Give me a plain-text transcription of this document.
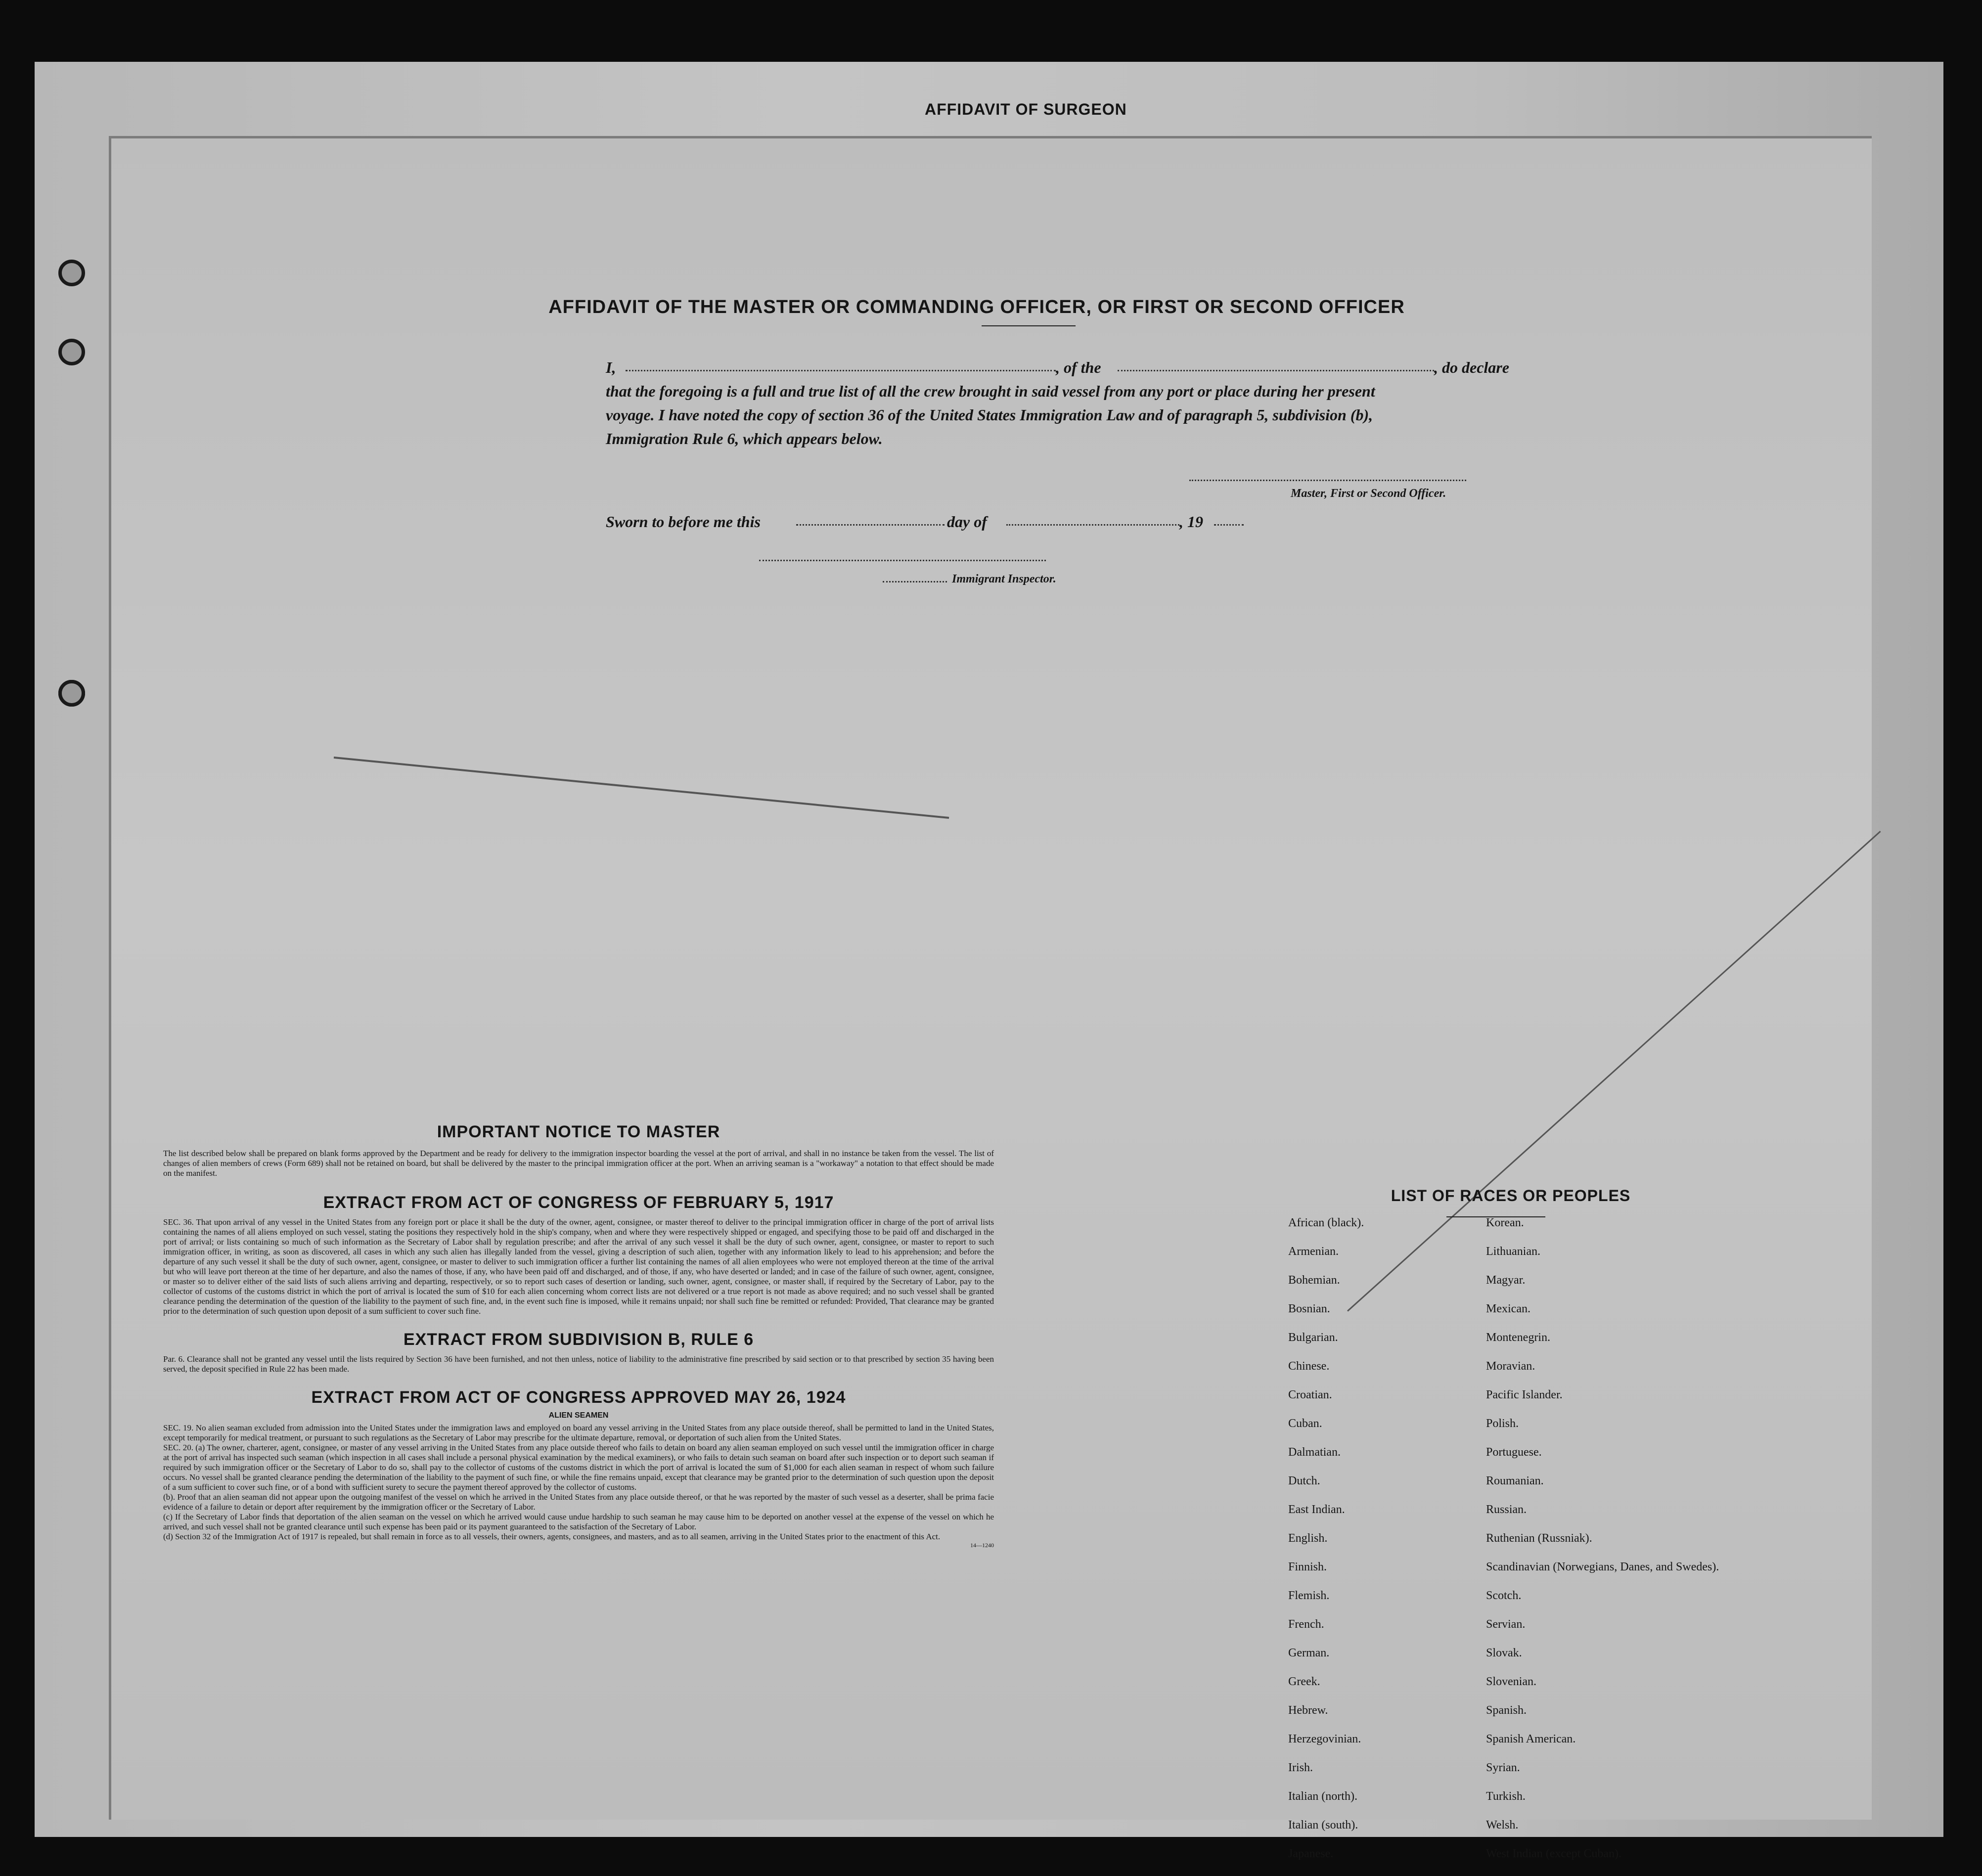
AFFIDAVIT OF SURGEON
AFFIDAVIT OF THE MASTER OR COMMANDING OFFICER, OR FIRST OR SECOND OFFICER
I,	, of the	, do declare
that the foregoing is a full and true list of all the crew brought in said vessel from any port or place during her present
voyage. I have noted the copy of section 36 of the United States Immigration Law and of paragraph 5, subdivision (b),
Immigration Rule 6, which appears below.
Master, First or Second Officer.
Sworn to before me this	day of	, 19
Immigrant Inspector.
IMPORTANT NOTICE TO MASTER
The list described below shall be prepared on blank forms approved by the Department and be ready for delivery to the immigration inspector boarding the vessel at the port of arrival, and shall in no instance be taken from the vessel. The list of changes of alien members of crews (Form 689) shall not be retained on board, but shall be delivered by the master to the principal immigration officer at the port. When an arriving seaman is a "workaway" a notation to that effect should be made on the manifest.
EXTRACT FROM ACT OF CONGRESS OF FEBRUARY 5, 1917
SEC. 36. That upon arrival of any vessel in the United States from any foreign port or place it shall be the duty of the owner, agent, consignee, or master thereof to deliver to the principal immigration officer in charge of the port of arrival lists containing the names of all aliens employed on such vessel, stating the positions they respectively hold in the ship's company, when and where they were respectively shipped or engaged, and specifying those to be paid off and discharged in the port of arrival; or lists containing so much of such information as the Secretary of Labor shall by regulation prescribe; and after the arrival of any such vessel it shall be the duty of such owner, agent, consignee, or master to report to such immigration officer, in writing, as soon as discovered, all cases in which any such alien has illegally landed from the vessel, giving a description of such alien, together with any information likely to lead to his apprehension; and before the departure of any such vessel it shall be the duty of such owner, agent, consignee, or master to deliver to such immigration officer a further list containing the names of all alien employees who were not employed thereon at the time of the arrival but who will leave port thereon at the time of her departure, and also the names of those, if any, who have been paid off and discharged, and of those, if any, who have deserted or landed; and in case of the failure of such owner, agent, consignee, or master so to deliver either of the said lists of such aliens arriving and departing, respectively, or so to report such cases of desertion or landing, such owner, agent, consignee, or master shall, if required by the Secretary of Labor, pay to the collector of customs of the customs district in which the port of arrival is located the sum of $10 for each alien concerning whom correct lists are not delivered or a true report is not made as above required; and no such vessel shall be granted clearance pending the determination of the question of the liability to the payment of such fine, and, in the event such fine is imposed, while it remains unpaid; nor shall such fine be remitted or refunded: Provided, That clearance may be granted prior to the determination of such question upon deposit of a sum sufficient to cover such fine.
EXTRACT FROM SUBDIVISION B, RULE 6
Par. 6. Clearance shall not be granted any vessel until the lists required by Section 36 have been furnished, and not then unless, notice of liability to the administrative fine prescribed by said section or to that prescribed by section 35 having been served, the deposit specified in Rule 22 has been made.
EXTRACT FROM ACT OF CONGRESS APPROVED MAY 26, 1924
ALIEN SEAMEN
SEC. 19. No alien seaman excluded from admission into the United States under the immigration laws and employed on board any vessel arriving in the United States from any place outside thereof, shall be permitted to land in the United States, except temporarily for medical treatment, or pursuant to such regulations as the Secretary of Labor may prescribe for the ultimate departure, removal, or deportation of such alien from the United States.
SEC. 20. (a) The owner, charterer, agent, consignee, or master of any vessel arriving in the United States from any place outside thereof who fails to detain on board any alien seaman employed on such vessel until the immigration officer in charge at the port of arrival has inspected such seaman (which inspection in all cases shall include a personal physical examination by the medical examiners), or who fails to detain such seaman on board after such inspection or to deport such seaman if required by such immigration officer or the Secretary of Labor to do so, shall pay to the collector of customs of the customs district in which the port of arrival is located the sum of $1,000 for each alien seaman in respect of whom such failure occurs. No vessel shall be granted clearance pending the determination of the liability to the payment of such fine, or while the fine remains unpaid, except that clearance may be granted prior to the determination of such question upon the deposit of a sum sufficient to cover such fine, or of a bond with sufficient surety to secure the payment thereof approved by the collector of customs.
(b). Proof that an alien seaman did not appear upon the outgoing manifest of the vessel on which he arrived in the United States from any place outside thereof, or that he was reported by the master of such vessel as a deserter, shall be prima facie evidence of a failure to detain or deport after requirement by the immigration officer or the Secretary of Labor.
(c) If the Secretary of Labor finds that deportation of the alien seaman on the vessel on which he arrived would cause undue hardship to such seaman he may cause him to be deported on another vessel at the expense of the vessel on which he arrived, and such vessel shall not be granted clearance until such expense has been paid or its payment guaranteed to the satisfaction of the Secretary of Labor.
(d) Section 32 of the Immigration Act of 1917 is repealed, but shall remain in force as to all vessels, their owners, agents, consignees, and masters, and as to all seamen, arriving in the United States prior to the enactment of this Act.
14—1240
LIST OF RACES OR PEOPLES
African (black).	Korean.
Armenian.	Lithuanian.
Bohemian.	Magyar.
Bosnian.	Mexican.
Bulgarian.	Montenegrin.
Chinese.	Moravian.
Croatian.	Pacific Islander.
Cuban.	Polish.
Dalmatian.	Portuguese.
Dutch.	Roumanian.
East Indian.	Russian.
English.	Ruthenian (Russniak).
Finnish.	Scandinavian (Norwegians, Danes, and Swedes).
Flemish.	Scotch.
French.	Servian.
German.	Slovak.
Greek.	Slovenian.
Hebrew.	Spanish.
Herzegovinian.	Spanish American.
Irish.	Syrian.
Italian (north).	Turkish.
Italian (south).	Welsh.
Japanese.	West Indian (except Cuban).
